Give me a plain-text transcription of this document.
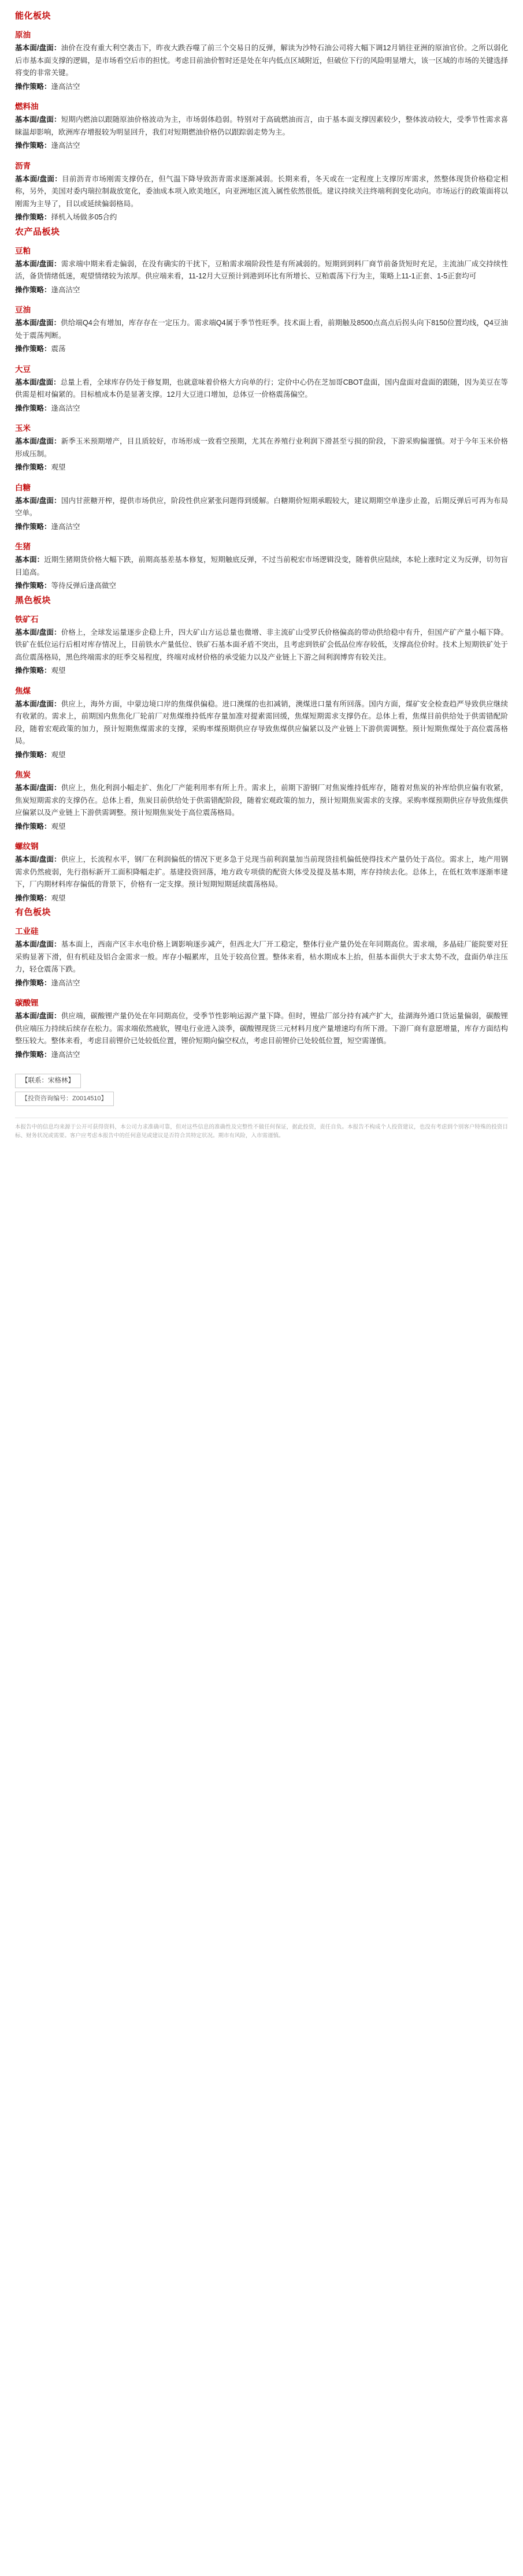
能化板块
原油

基本面/盘面：油价在没有重大利空袭击下，昨夜大跌吞噬了前三个交易日的反弹，解读为沙特石油公司将大幅下调12月销往亚洲的原油官价。之所以弱化后市基本面支撑的逻辑，是市场看空后市的担忧。考虑目前油价暂时还是处在年内低点区域附近，但破位下行的风险明显增大，该一区域的市场的关键选择将变的非常关键。

操作策略：逢高沽空

燃料油

基本面/盘面：短期内燃油以跟随原油价格波动为主，市场弱体趋弱。特别对于高硫燃油而言，由于基本面支撑因素较少，整体波动较大，受季节性需求喜睐温却影响，欧洲库存增报较为明显回升，我们对短期燃油价格仍以跟踪弱走势为主。

操作策略：逢高沽空

沥青

基本面/盘面：目前沥青市场刚需支撑仍在，但气温下降导致沥青需求逐渐减弱。长期来看，冬天或在一定程度上支撑厉库需求，然整体现货价格稳定相称，另外，美国对委内瑞拉制裁放宽化，委油成本项入欧美地区，向亚洲地区流入属性依然很低。建议持续关注终端利润变化动向。市场运行的政策面将以刚需为主导了，目以或延续偏弱格局。

操作策略：择机入场做多05合约

农产品板块
豆粕

基本面/盘面：需求端中期来看走偏弱，在没有确实的干扰下，豆粕需求端阶段性是有所减弱的。短期到到料厂商节前备货短时充足，主流油厂成交持续性活，备货情绪低迷，观望情绪较为浓厚。供应端来看，11-12月大豆预计到港到环比有所增长、豆粕震荡下行为主，策略上11-1正套、1-5正套均可

操作策略：逢高沽空

豆油

基本面/盘面：供给端Q4会有增加，库存存在一定压力。需求端Q4属于季节性旺季。技术面上看，前期触及8500点高点后拐头向下8150位置均线，Q4豆油处于震荡判断。

操作策略：震荡

大豆

基本面/盘面：总量上看，全球库存仍处于修复期，也就意味着价格大方向单的行；定价中心仍在芝加哥CBOT盘面，国内盘面对盘面的跟随，因为美豆在等供需是相对偏紧的。目标植成本仍是显著支撑。12月大豆进口增加，总体豆一价格震荡偏空。

操作策略：逢高沽空

玉米

基本面/盘面：新季玉米预期增产，目且质较好，市场形成一致看空预期，尤其在养殖行业利润下滑甚至亏损的阶段，下游采购偏谨慎。对于今年玉米价格形成压制。

操作策略：观望

白糖

基本面/盘面：国内甘蔗糖开榨，提供市场供应，阶段性供应紧张问题得到缓解。白糖期价短期承暇较大，建议期期空单逢步止盈，后期反弹后可再为布局空单。

操作策略：逢高沽空

生猪

基本面：近期生猪期货价格大幅下跌，前期高基差基本修复，短期触底反弹，不过当前税宏市场逻辑没变，随着供应陆续，本轮上涨时定义为反弹，切勿盲目追高。

操作策略：等待反弹后逢高做空

黑色板块
铁矿石

基本面/盘面：价格上，全球发运量逐步企稳上升，四大矿山方运总量也微增、非主流矿山受罗氏价格偏高的带动供给稳中有升，但国产矿产量小幅下降。铁矿在低位运行后相对库存情况上，目前铁水产量低位、铁矿石基本面矛盾不突出，且考虑到铁矿会低品位库存较低，支撑高位价时。技术上短期铁矿处于高位震荡格局，黑色终端需求的旺季交易程度，终端对成材价格的承受能力以及产业链上下游之间利润博弈有较关注。

操作策略：观望

焦煤

基本面/盘面：供应上，海外方面，中蒙边境口岸的焦煤供偏稳。进口澳煤的也扣减销，澳煤进口量有所回落。国内方面，煤矿安全检查趋严导致供应继续有收紧的。需求上，前期国内焦焦化厂轮前厂对焦煤维持低库存量加准对提素需回缓，焦煤短期需求支撑仍在。总体上看，焦煤目前供给处于供需错配阶段，随着宏观政策的加力，预计短期焦煤需求的支撑，采购率煤预期供应存导致焦煤供应偏紧以及产业链上下游供需调整。预计短期焦煤处于高位震荡格局。

操作策略：观望

焦炭

基本面/盘面：供应上，焦化利润小幅走扩、焦化厂产能利用率有所上升。需求上，前期下游钢厂对焦炭维持低库存，随着对焦炭的补库给供应偏有收紧，焦炭短期需求的支撑仍在。总体上看，焦炭目前供给处于供需错配阶段，随着宏观政策的加力，预计短期焦炭需求的支撑。采购率煤预期供应存导致焦煤供应偏紧以及产业链上下游供需调整。预计短期焦炭处于高位震荡格局。

操作策略：观望

螺纹钢

基本面/盘面：供应上，长流程水平，钢厂在利润偏低的情况下更多急于兑现当前利润量加当前现货挂机偏低使得技术产量仍处于高位。需求上，地产用钢需求仍然疲弱，先行指标新开工面积降幅走扩。基建投资回落，地方政专项债的配资大体受及提及基本期，库存持续去化。总体上，在低杠效率逐渐率建下，厂内期材料库存偏低的背景下，价格有一定支撑。预计短期短期延续震荡格局。

操作策略：观望

有色板块
工业硅

基本面/盘面：基本面上，西南产区丰水电价格上调影响逐步减产，但西北大厂开工稳定，整体行业产量仍处在年同期高位。需求端，多晶硅厂能院要对狂采购显著下滑，但有机硅及铝合金需求一般。库存小幅累库，且处于较高位置。整体来看，枯水期成本上抬，但基本面供大于求太势不改，盘面仍单注压力，轻仓震荡下跌。

操作策略：逢高沽空

碳酸锂

基本面/盘面：供应端，碳酸锂产量仍处在年同期高位，受季节性影响运源产量下降。但时，锂盐厂部分持有减产扩大，盐湖海外通口货运量偏弱，碳酸锂供应端压力持续后续存在松力。需求端依然疲软，锂电行业进入淡季，碳酸锂现货三元材料月度产量增速均有所下滑。下游厂商有意愿增量，库存方面结构整压较大。整体来看，考虑目前锂价已处较低位置，锂价短期向偏空权点，考虑目前锂价已处较低位置，短空需谨慎。

操作策略：逢高沽空

【联系：宋格林】
【投资咨询编号：Z0014510】
本报告中的信息均来源于公开可获得资料，本公司力求准确可靠，但对这些信息的准确性及完整性不做任何保证，据此投资，责任自负。本报告不构成个人投资建议，也没有考虑到个别客户特殊的投资目标、财务状况或需要。客户应考虑本报告中的任何意见或建议是否符合其特定状况。期市有风险，入市需谨慎。
